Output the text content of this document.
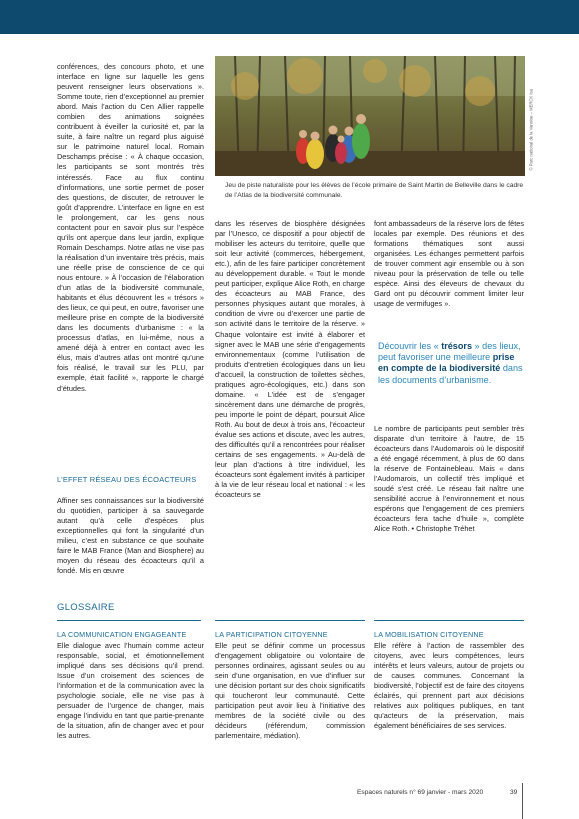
conférences, des concours photo, et une interface en ligne sur laquelle les gens peuvent renseigner leurs observations ». Somme toute, rien d’exceptionnel au premier abord. Mais l’action du Cen Allier rappelle combien des animations soignées contribuent à éveiller la curiosité et, par la suite, à faire naître un regard plus aiguisé sur le patrimoine naturel local. Romain Deschamps précise : « À chaque occasion, les participants se sont montrés très intéressés. Face au flux continu d’informations, une sortie permet de poser des questions, de discuter, de retrouver le goût d’apprendre. L’interface en ligne en est le prolongement, car les gens nous contactent pour en savoir plus sur l’espèce qu’ils ont aperçue dans leur jardin, explique Romain Deschamps. Notre atlas ne vise pas la réalisation d’un inventaire très précis, mais une réelle prise de conscience de ce qui nous entoure. » À l’occasion de l’élaboration d’un atlas de la biodiversité communale, habitants et élus découvrent les « trésors » des lieux, ce qui peut, en outre, favoriser une meilleure prise en compte de la biodiversité dans les documents d’urbanisme : « la processus d’atlas, en lui-même, nous a amené déjà à entrer en contact avec les élus, mais d’autres atlas ont montré qu’une fois réalisé, le travail sur les PLU, par exemple, était facilité », rapporte le chargé d’études.

L’EFFET RÉSEAU DES ÉCOACTEURS

Affiner ses connaissances sur la biodiversité du quotidien, participer à sa sauvegarde autant qu’à celle d’espèces plus exceptionnelles qui font la singularité d’un milieu, c’est en substance ce que souhaite faire le MAB France (Man and Biosphere) au moyen du réseau des écoacteurs qu’il a fondé. Mis en œuvre

© Parc national de la Vanoise – MERCK Isa
Jeu de piste naturaliste pour les élèves de l’école primaire de Saint Martin de Belleville dans le cadre de l’Atlas de la biodiversité communale.

dans les réserves de biosphère désignées par l’Unesco, ce dispositif a pour objectif de mobiliser les acteurs du territoire, quelle que soit leur activité (commerces, hébergement, etc.), afin de les faire participer concrètement au développement durable. « Tout le monde peut participer, explique Alice Roth, en charge des écoacteurs au MAB France, des personnes physiques autant que morales, à condition de vivre ou d’exercer une partie de son activité dans le territoire de la réserve. » Chaque volontaire est invité à élaborer et signer avec le MAB une série d’engagements environnementaux (comme l’utilisation de produits d’entretien écologiques dans un lieu d’accueil, la construction de toilettes sèches, pratiques agro-écologiques, etc.) dans son domaine. « L’idée est de s’engager sincèrement dans une démarche de progrès, peu importe le point de départ, poursuit Alice Roth. Au bout de deux à trois ans, l’écoacteur évalue ses actions et discute, avec les autres, des difficultés qu’il a rencontrées pour réaliser certains de ses engagements. » Au-delà de leur plan d’actions à titre individuel, les écoacteurs sont également invités à participer à la vie de leur réseau local et national : « les écoacteurs se

font ambassadeurs de la réserve lors de fêtes locales par exemple. Des réunions et des formations thématiques sont aussi organisées. Les échanges permettent parfois de trouver comment agir ensemble ou à son niveau pour la préservation de telle ou telle espèce. Ainsi des éleveurs de chevaux du Gard ont pu découvrir comment limiter leur usage de vermifuges ».

Découvrir les « trésors » des lieux, peut favoriser une meilleure prise en compte de la biodiversité dans les documents d’urbanisme.

Le nombre de participants peut sembler très disparate d’un territoire à l’autre, de 15 écoacteurs dans l’Audomarois où le dispositif a été engagé récemment, à plus de 60 dans la réserve de Fontainebleau. Mais « dans l’Audomarois, un collectif très impliqué et soudé s’est créé. Le réseau fait naître une sensibilité accrue à l’environnement et nous espérons que l’engagement de ces premiers écoacteurs fera tache d’huile », complète Alice Roth. • Christophe Tréhet

GLOSSAIRE
LA COMMUNICATION ENGAGEANTE

Elle dialogue avec l’humain comme acteur responsable, social, et émotionnellement impliqué dans ses décisions qu’il prend. Issue d’un croisement des sciences de l’information et de la communication avec la psychologie sociale, elle ne vise pas à persuader de l’urgence de changer, mais engage l’individu en tant que partie-prenante de la situation, afin de changer avec et pour les autres.

LA PARTICIPATION CITOYENNE

Elle peut se définir comme un processus d’engagement obligatoire ou volontaire de personnes ordinaires, agissant seules ou au sein d’une organisation, en vue d’influer sur une décision portant sur des choix significatifs qui toucheront leur communauté. Cette participation peut avoir lieu à l’initiative des membres de la société civile ou des décideurs (référendum, commission parlementaire, médiation).

LA MOBILISATION CITOYENNE

Elle réfère à l’action de rassembler des citoyens, avec leurs compétences, leurs intérêts et leurs valeurs, autour de projets ou de causes communes. Concernant la biodiversité, l’objectif est de faire des citoyens éclairés, qui prennent part aux décisions relatives aux politiques publiques, en tant qu’acteurs de la préservation, mais également bénéficiaires de ses services.

Espaces naturels n° 69 janvier - mars 2020	39
